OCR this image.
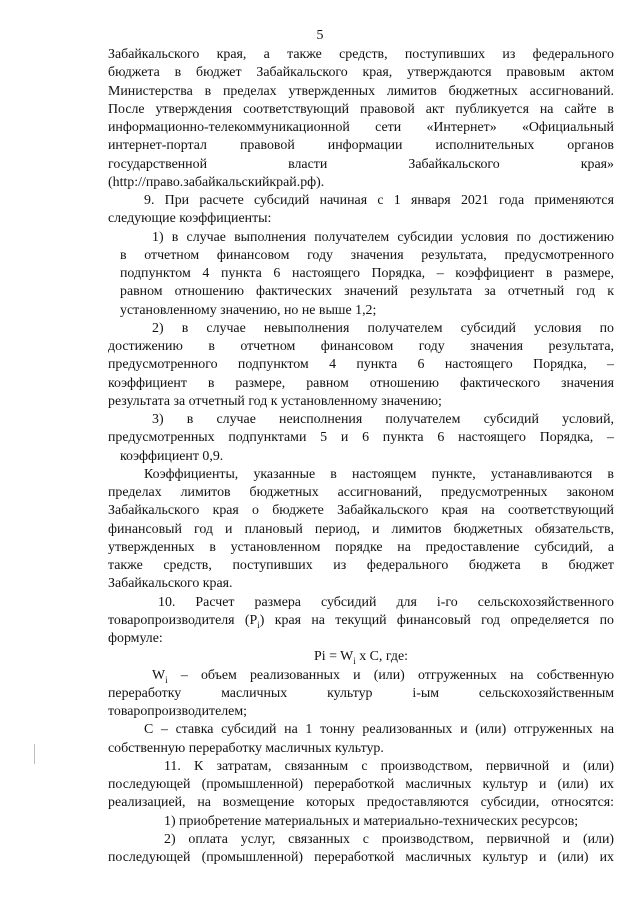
5
Забайкальского края, а также средств, поступивших из федерального
бюджета в бюджет Забайкальского края, утверждаются правовым актом
Министерства в пределах утвержденных лимитов бюджетных ассигнований.
После утверждения соответствующий правовой акт публикуется на сайте в
информационно-телекоммуникационной сети «Интернет» «Официальный
интернет-портал правовой информации исполнительных органов
государственной власти Забайкальского края»
(http://право.забайкальскийкрай.рф).
9. При расчете субсидий начиная с 1 января 2021 года применяются
следующие коэффициенты:
1) в случае выполнения получателем субсидии условия по достижению
в отчетном финансовом году значения результата, предусмотренного
подпунктом 4 пункта 6 настоящего Порядка, – коэффициент в размере,
равном отношению фактических значений результата за отчетный год к
установленному значению, но не выше 1,2;
2) в случае невыполнения получателем субсидий условия по
достижению в отчетном финансовом году значения результата,
предусмотренного подпунктом 4 пункта 6 настоящего Порядка, –
коэффициент в размере, равном отношению фактического значения
результата за отчетный год к установленному значению;
3) в случае неисполнения получателем субсидий условий,
предусмотренных подпунктами 5 и 6 пункта 6 настоящего Порядка, –
коэффициент 0,9.
Коэффициенты, указанные в настоящем пункте, устанавливаются в
пределах лимитов бюджетных ассигнований, предусмотренных законом
Забайкальского края о бюджете Забайкальского края на соответствующий
финансовый год и плановый период, и лимитов бюджетных обязательств,
утвержденных в установленном порядке на предоставление субсидий, а
также средств, поступивших из федерального бюджета в бюджет
Забайкальского края.
10. Расчет размера субсидий для i-го сельскохозяйственного
товаропроизводителя $(P_i)$ края на текущий финансовый год определяется по
формуле:
$Pi = W_i$ x C, где:
$W_i$ – объем реализованных и (или) отгруженных на собственную
переработку масличных культур i-ым сельскохозяйственным
товаропроизводителем;
С – ставка субсидий на 1 тонну реализованных и (или) отгруженных на
собственную переработку масличных культур.
11. К затратам, связанным с производством, первичной и (или)
последующей (промышленной) переработкой масличных культур и (или) их
реализацией, на возмещение которых предоставляются субсидии, относятся:
1) приобретение материальных и материально-технических ресурсов;
2) оплата услуг, связанных с производством, первичной и (или)
последующей (промышленной) переработкой масличных культур и (или) их
